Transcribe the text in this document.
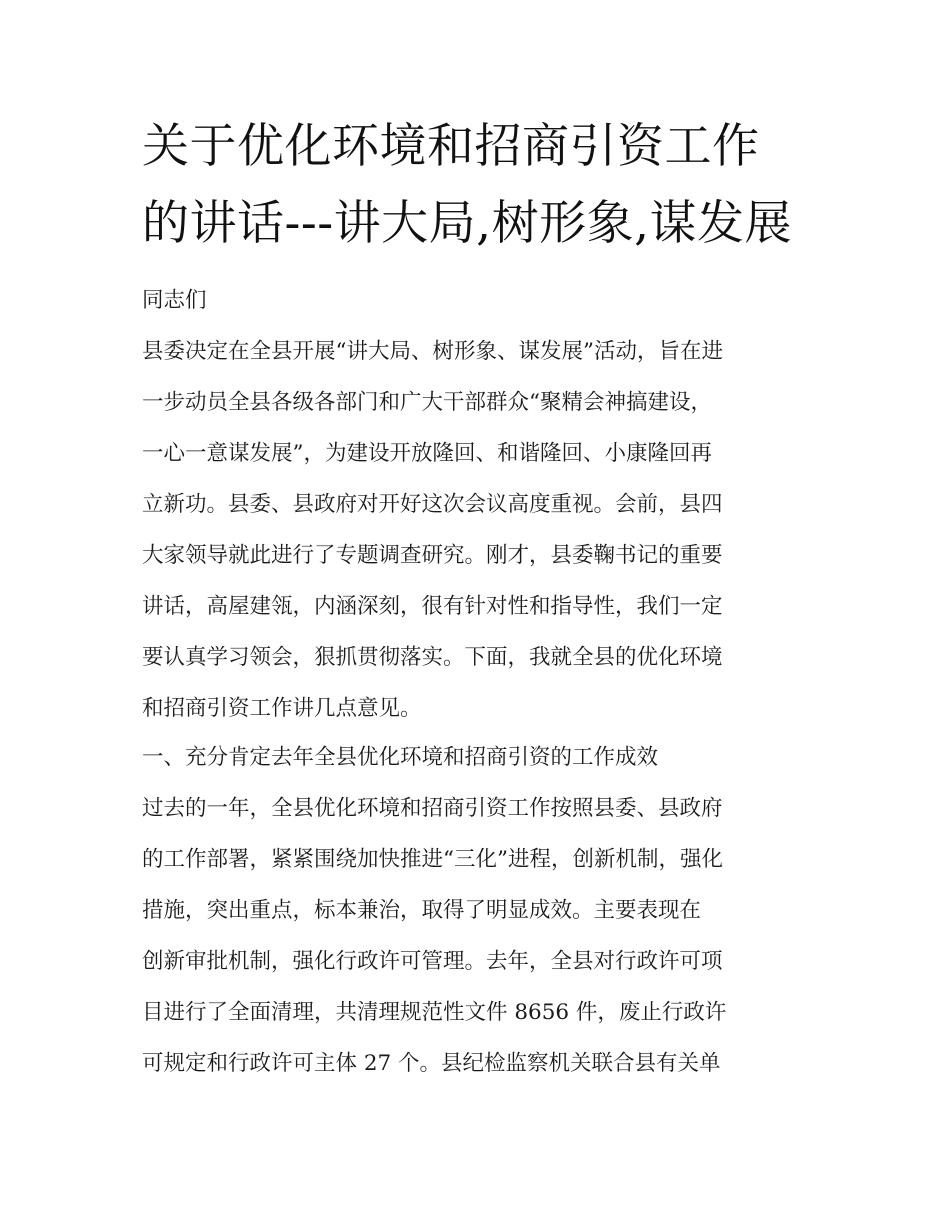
关于优化环境和招商引资工作
的讲话---讲大局,树形象,谋发展

同志们

县委决定在全县开展“讲大局、树形象、谋发展”活动，旨在进

一步动员全县各级各部门和广大干部群众“聚精会神搞建设，

一心一意谋发展”，为建设开放隆回、和谐隆回、小康隆回再

立新功。县委、县政府对开好这次会议高度重视。会前，县四

大家领导就此进行了专题调查研究。刚才，县委鞠书记的重要

讲话，高屋建瓴，内涵深刻，很有针对性和指导性，我们一定

要认真学习领会，狠抓贯彻落实。下面，我就全县的优化环境

和招商引资工作讲几点意见。

一、充分肯定去年全县优化环境和招商引资的工作成效

过去的一年，全县优化环境和招商引资工作按照县委、县政府

的工作部署，紧紧围绕加快推进“三化”进程，创新机制，强化

措施，突出重点，标本兼治，取得了明显成效。主要表现在

创新审批机制，强化行政许可管理。去年，全县对行政许可项

目进行了全面清理，共清理规范性文件 8656 件，废止行政许

可规定和行政许可主体 27 个。县纪检监察机关联合县有关单
